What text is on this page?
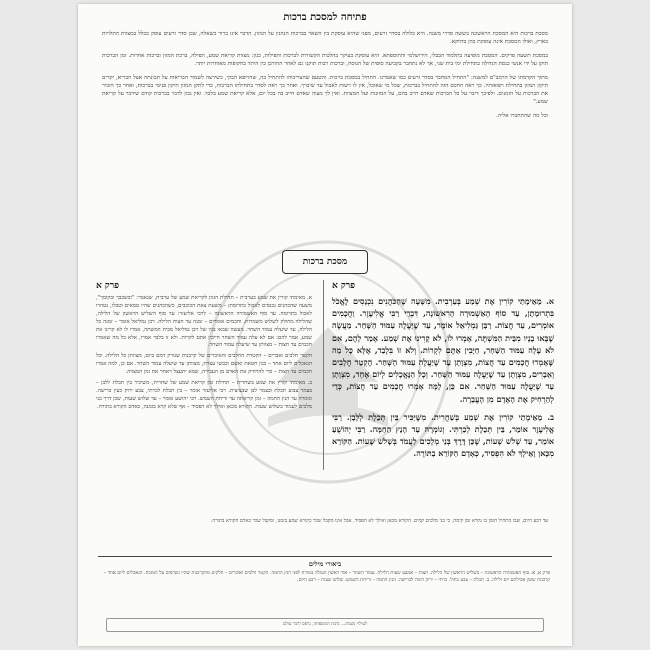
פתיחה למסכת ברכות

מסכת ברכות היא המסכת הראשונה בששה סדרי משנה. היא כלולה בסדר זרעים, מפני שהיא עוסקת בין השאר בברכות הנהנין על המזון. הדבר אינו ברור כשאלה, שכן סדר זרעים עוסק ככלל במצוות התלויות בארץ, ואולו המסכת אינה עוסקת בהן בדווקא.

במסכת תשעה פרקים. המסכת מופיעה בתלמוד הבבלי, הירושלמי והתוספתא. היא עוסקת בעיקר בהלכות הקשורות לברכות ותפילות, כגון: מצוות קריאת שמע, תפילה, ברכת המזון וברכות אחרות. זמן הברכות תוקן על ידי אנשי כנסת הגדולה בתחילת ימי בית שני, אך לא נתחבר בקביעה סופית של הנוסח, וברכות רבות תוקנו גם לאחר החורבן בין היתר בחקופות מאוחרות יותר.

מתוך הקדמתו של הרמב"ם למשנה: "התחיל המחבר בסדר זרעים כמו שאמרנו. התחיל במסכת ברכות. והטעם שהצריכוהו להתחיל בה, שהרופא הבקי, כשירצה לשמור הבריאות על תכונתה אצל הבריא, יקדים תיקון המזון בתחילת רפואותיו. כך ראה החכם הזה להתחיל בברכות, שכל מי שאוכל, אין לו רשות לאכול עד שיברך. ואחר כך ראה לסדר בתחילתו הברכות, כדי לתקן המזון תיקון פנימי בברכות, ואחר כך הזכיר את הברכות על הזמנים. ולפיכך דיבר על כל הברכות שאדם חייב בהם, על המזונות ועל המצוות. ואין לך מצוה שאדם חייב בה בכל יום, אלא קריאת שמע בלבד. ואין נכון לדבר בברכות קודם שידבר על קריאת שמע."

וכל מה שהתחברו אליה.

מסכת ברכות
פרק א

א. מֵאֵימָתַי קוֹרִין אֶת שְׁמַע בְּעַרְבִית. מִשָּׁעָה שֶׁהַכֹּהֲנִים נִכְנָסִים לֶאֱכֹל בִּתְרוּמָתָן, עַד סוֹף הָאַשְׁמוּרָה הָרִאשׁוֹנָה, דִּבְרֵי רַבִּי אֱלִיעֶזֶר. וַחֲכָמִים אוֹמְרִים, עַד חֲצוֹת. רַבָּן גַּמְלִיאֵל אוֹמֵר, עַד שֶׁיַּעֲלֶה עַמּוּד הַשָּׁחַר. מַעֲשֶׂה שֶׁבָּאוּ בָנָיו מִבֵּית הַמִּשְׁתֶּה, אָמְרוּ לוֹ, לֹא קָרִינוּ אֶת שְׁמַע. אָמַר לָהֶם, אִם לֹא עָלָה עַמּוּד הַשַּׁחַר, חַיָּבִין אַתֶּם לִקְרוֹת. וְלֹא זוֹ בִּלְבַד, אֶלָּא כָּל מַה שֶּׁאָמְרוּ חֲכָמִים עַד חֲצוֹת, מִצְוָתָן עַד שֶׁיַּעֲלֶה עַמּוּד הַשָּׁחַר. הֶקְטֵר חֲלָבִים וְאֵבָרִים, מִצְוָתָן עַד שֶׁיַּעֲלֶה עַמּוּד הַשָּׁחַר. וְכָל הַנֶּאֱכָלִים לְיוֹם אֶחָד, מִצְוָתָן עַד שֶׁיַּעֲלֶה עַמּוּד הַשָּׁחַר. אִם כֵּן, לָמָּה אָמְרוּ חֲכָמִים עַד חֲצוֹת, כְּדֵי לְהַרְחִיק אֶת הָאָדָם מִן הָעֲבֵרָה.

ב. מֵאֵימָתַי קוֹרִין אֶת שְׁמַע בְּשַׁחֲרִית. מִשֶּׁיַּכִּיר בֵּין תְּכֵלֶת לְלָבָן. רַבִּי אֱלִיעֶזֶר אוֹמֵר, בֵּין תְּכֵלֶת לְכַרְתִּי. וְגוֹמְרָהּ עַד הָנֵץ הַחַמָּה. רַבִּי יְהוֹשֻׁעַ אוֹמֵר, עַד שָׁלֹשׁ שָׁעוֹת, שֶׁכֵּן דֶּרֶךְ בְּנֵי מְלָכִים לַעֲמֹד בְּשָׁלֹשׁ שָׁעוֹת. הַקּוֹרֵא מִכָּאן וָאֵילָךְ לֹא הִפְסִיד, כְּאָדָם הַקּוֹרֵא בַתּוֹרָה.

פרק א

א. מאימתי קורין את שמע בערבית – תחילת הזמן לקריאת שמע של ערבית, שנאמר: "ובשכבך ובקומך", משעה שהכהנים נכנסים לאכול בתרומתן – משעת צאת הכוכבים, כשהכהנים שהיו טמאים וטבלו, נטהרו לאכול בתרומה. עד סוף האשמורה הראשונה – לרבי אליעזר: עד סוף השליש הראשון של הלילה, שהלילה מחולק לשלוש משמרות. וחכמים אומרים – זמנה עד חצות הלילה. רבן גמליאל אומר – זמנה כל הלילה, עד שיעלה עמוד השחר. מעשה שבאו בניו של רבן גמליאל מבית המשתה, אמרו לו לא קרינו את שמע, אמר להם: אם לא עלה עמוד השחר חייבין אתם לקרות. ולא זו בלבד אמרו, אלא כל מה שאמרו חכמים עד חצות – מצוותן עד שיעלה עמוד השחר.

הקטר חלבים ואברים – הקטרת החלבים והאיברים של קרבנות שנזרק דמם ביום, מצוותן כל הלילה. וכל הנאכלים ליום אחד – כגון חטאת ואשם וכבשי עצרת, מצוותן עד שיעלה עמוד השחר. אם כן, למה אמרו חכמים עד חצות – כדי להרחיק את האדם מן העבירה, שמא יתעצל ויאחר את זמן המצווה.

ב. מאימתי קורין את שמע בשחרית – תחילת זמן קריאת שמע של שחרית, משיכיר בין תכלת ללבן – בצמר צבוע תכלת ובצמר לבן שבציצית. רבי אליעזר אומר – בין תכלת לכרתי, צבע ירוק כעין כרישה. וגומרה עד הנץ החמה – זמן קריאתה עד זריחת השמש. רבי יהושע אומר – עד שלוש שעות, שכן דרך בני מלכים לעמוד בשלוש שעות. הקורא מכאן ואילך לא הפסיד – אף שלא קרא בזמנה, כאדם הקורא בתורה.

עד רבע היום, שבו מתחיל הזמן בו נקרא זמן קימה, כי בני מלכים קמים. הקורא מכאן ואילך לא הפסיד, אבל אינו מקבל שכר כקורא שמע בזמנו, ומקבל שכר כאדם הקורא בתורה.
ביאורי מילים
פרק א, א. סוף האשמורה הראשונה – בשליש הראשון של הלילה. חצות – אמצע שעות הלילה. עמוד השחר – אור ראשון העולה במזרח לפני הנץ החמה. הקטר חלבים ואיברים – חלקים מהקרבנות שהיו נשרפים על המזבח. הנאכלים ליום אחד – קרבנות שזמן אכילתם יום ולילה. ב. תכלת – צבע כחול. כרתי – ירוק דומה לכרישה. הנץ החמה – זריחת השמש. שלוש שעות – רבע היום.
לעילוי נשמת... נדבת המשפחה, נדפס לזכר עולם
